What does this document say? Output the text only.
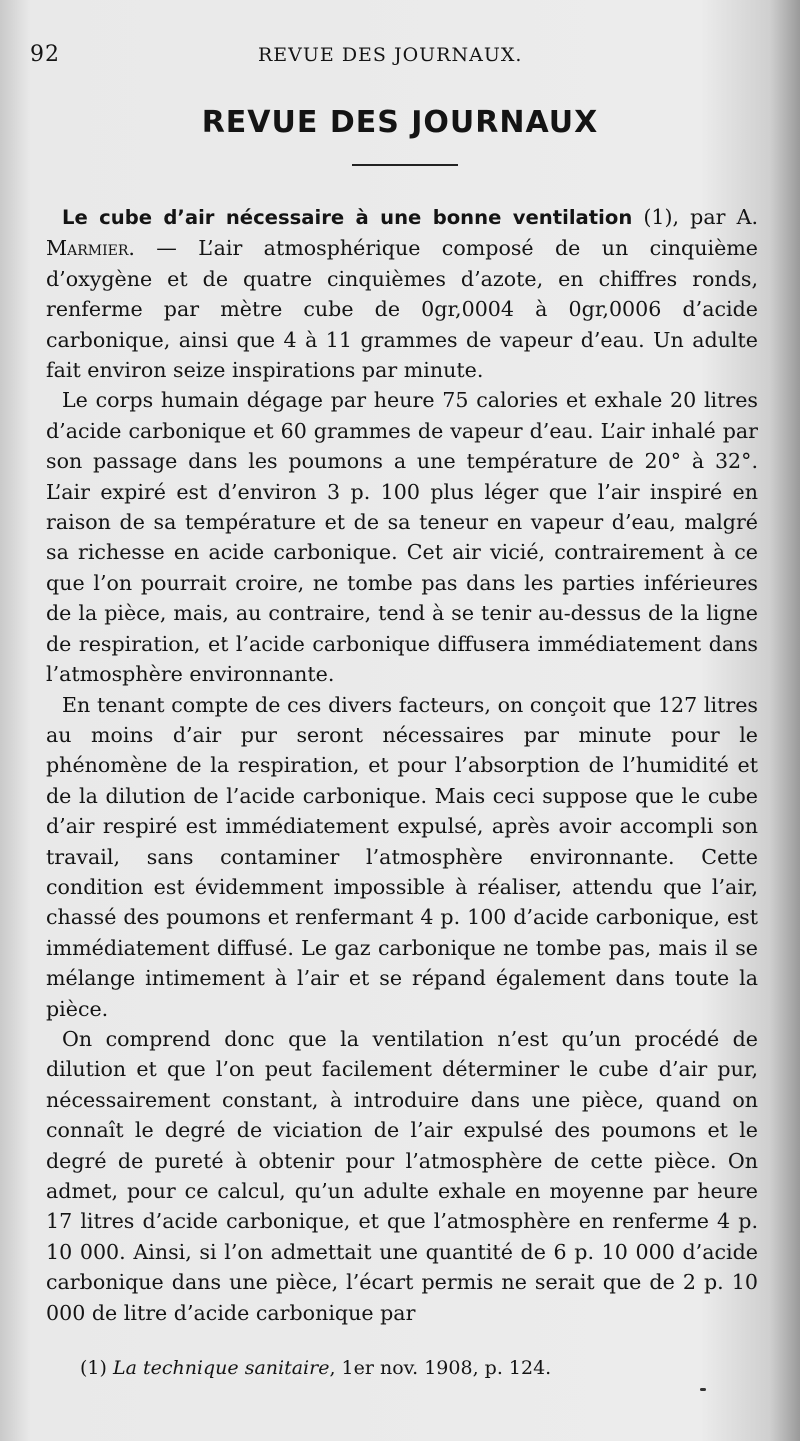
92	REVUE DES JOURNAUX.
REVUE DES JOURNAUX

Le cube d’air nécessaire à une bonne ventilation (1), par A. Marmier. — L’air atmosphérique composé de un cinquième d’oxygène et de quatre cinquièmes d’azote, en chiffres ronds, renferme par mètre cube de 0gr,0004 à 0gr,0006 d’acide carbonique, ainsi que 4 à 11 grammes de vapeur d’eau. Un adulte fait environ seize inspirations par minute.

Le corps humain dégage par heure 75 calories et exhale 20 litres d’acide carbonique et 60 grammes de vapeur d’eau. L’air inhalé par son passage dans les poumons a une température de 20° à 32°. L’air expiré est d’environ 3 p. 100 plus léger que l’air inspiré en raison de sa température et de sa teneur en vapeur d’eau, malgré sa richesse en acide carbonique. Cet air vicié, contrairement à ce que l’on pourrait croire, ne tombe pas dans les parties inférieures de la pièce, mais, au contraire, tend à se tenir au-dessus de la ligne de respiration, et l’acide carbonique diffusera immédiatement dans l’atmosphère environnante.

En tenant compte de ces divers facteurs, on conçoit que 127 litres au moins d’air pur seront nécessaires par minute pour le phénomène de la respiration, et pour l’absorption de l’humidité et de la dilution de l’acide carbonique. Mais ceci suppose que le cube d’air respiré est immédiatement expulsé, après avoir accompli son travail, sans contaminer l’atmosphère environnante. Cette condition est évidemment impossible à réaliser, attendu que l’air, chassé des poumons et renfermant 4 p. 100 d’acide carbonique, est immédiatement diffusé. Le gaz carbonique ne tombe pas, mais il se mélange intimement à l’air et se répand également dans toute la pièce.

On comprend donc que la ventilation n’est qu’un procédé de dilution et que l’on peut facilement déterminer le cube d’air pur, nécessairement constant, à introduire dans une pièce, quand on connaît le degré de viciation de l’air expulsé des poumons et le degré de pureté à obtenir pour l’atmosphère de cette pièce. On admet, pour ce calcul, qu’un adulte exhale en moyenne par heure 17 litres d’acide carbonique, et que l’atmosphère en renferme 4 p. 10 000. Ainsi, si l’on admettait une quantité de 6 p. 10 000 d’acide carbonique dans une pièce, l’écart permis ne serait que de 2 p. 10 000 de litre d’acide carbonique par

(1) La technique sanitaire, 1er nov. 1908, p. 124.
